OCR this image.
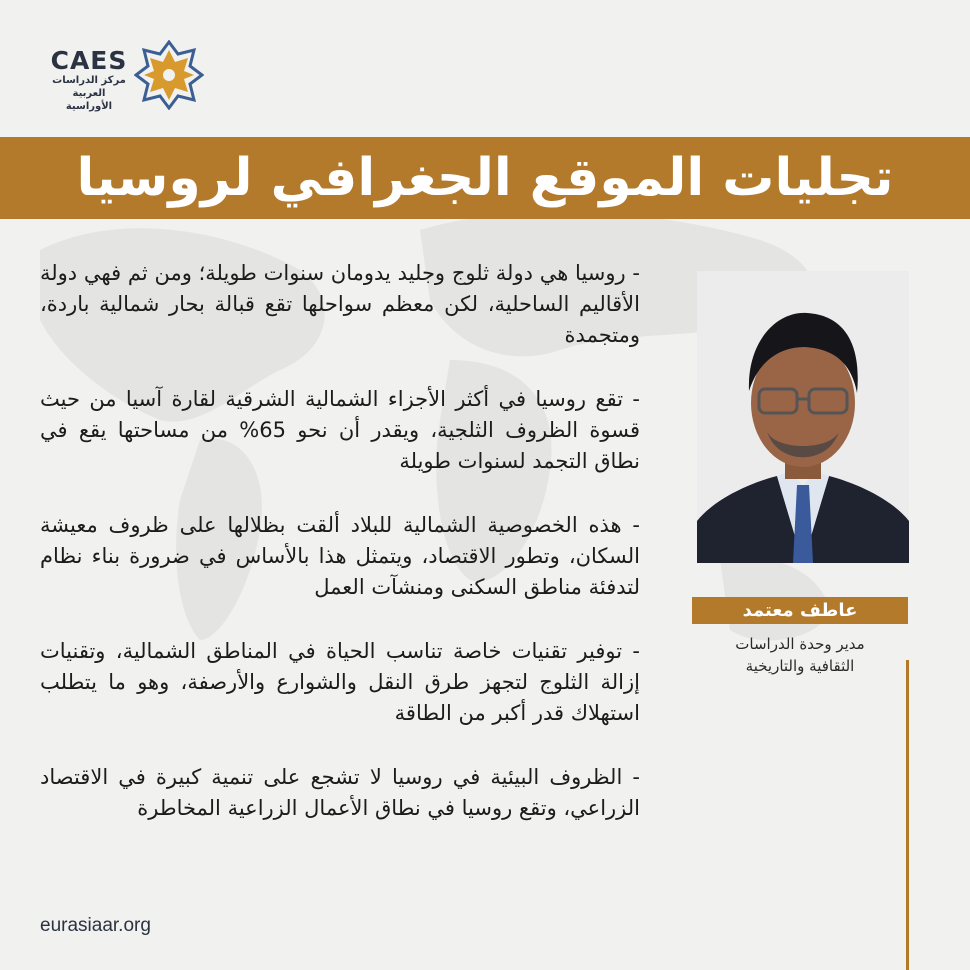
CAES
مركز الدراسات
العربية الأوراسية
تجليات الموقع الجغرافي لروسيا

- روسيا هي دولة ثلوج وجليد يدومان سنوات طويلة؛ ومن ثم فهي دولة الأقاليم الساحلية، لكن معظم سواحلها تقع قبالة بحار شمالية باردة، ومتجمدة

- تقع روسيا في أكثر الأجزاء الشمالية الشرقية لقارة آسيا من حيث قسوة الظروف الثلجية، ويقدر أن نحو 65% من مساحتها يقع في نطاق التجمد لسنوات طويلة

- هذه الخصوصية الشمالية للبلاد ألقت بظلالها على ظروف معيشة السكان، وتطور الاقتصاد، ويتمثل هذا بالأساس في ضرورة بناء نظام لتدفئة مناطق السكنى ومنشآت العمل

- توفير تقنيات خاصة تناسب الحياة في المناطق الشمالية، وتقنيات إزالة الثلوج لتجهز طرق النقل والشوارع والأرصفة، وهو ما يتطلب استهلاك قدر أكبر من الطاقة

- الظروف البيئية في روسيا لا تشجع على تنمية كبيرة في الاقتصاد الزراعي، وتقع روسيا في نطاق الأعمال الزراعية المخاطرة

عاطف معتمد
مدير وحدة الدراسات
الثقافية والتاريخية
eurasiaar.org
